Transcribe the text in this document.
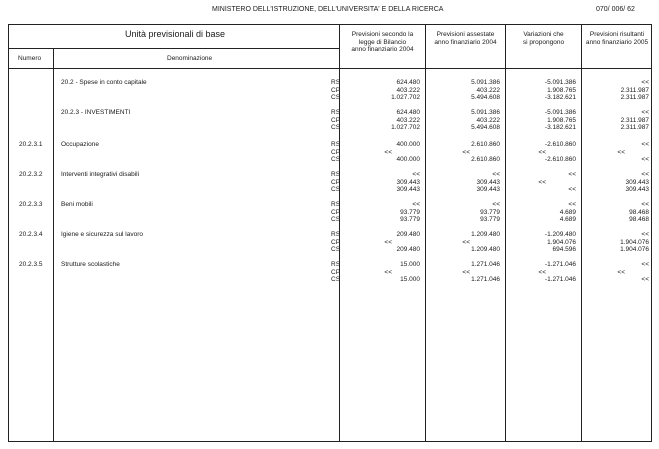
MINISTERO DELL'ISTRUZIONE, DELL'UNIVERSITA' E DELLA RICERCA	070/ 006/ 62
Unità previsionali di base
Numero	Denominazione
Previsioni secondo la
legge di Bilancio
anno finanziario 2004
Previsioni assestate
anno finanziario 2004
Variazioni che
si propongono
Previsioni risultanti
anno finanziario 2005
20.2 - Spese in conto capitale	RS	624.480	5.091.386	-5.091.386	<<
CP	403.222	403.222	1.908.765	2.311.987
CS	1.027.702	5.494.608	-3.182.621	2.311.987
20.2.3 - INVESTIMENTI	RS	624.480	5.091.386	-5.091.386	<<
CP	403.222	403.222	1.908.765	2.311.987
CS	1.027.702	5.494.608	-3.182.621	2.311.987
20.2.3.1	Occupazione	RS	400.000	2.610.860	-2.610.860	<<
CP	<<	<<	<<	<<
CS	400.000	2.610.860	-2.610.860	<<
20.2.3.2	Interventi integrativi disabili	RS	<<	<<	<<	<<
CP	309.443	309.443	<<	309.443
CS	309.443	309.443	<<	309.443
20.2.3.3	Beni mobili	RS	<<	<<	<<	<<
CP	93.779	93.779	4.689	98.468
CS	93.779	93.779	4.689	98.468
20.2.3.4	Igiene e sicurezza sul lavoro	RS	209.480	1.209.480	-1.209.480	<<
CP	<<	<<	1.904.076	1.904.076
CS	209.480	1.209.480	694.596	1.904.076
20.2.3.5	Strutture scolastiche	RS	15.000	1.271.046	-1.271.046	<<
CP	<<	<<	<<	<<
CS	15.000	1.271.046	-1.271.046	<<
